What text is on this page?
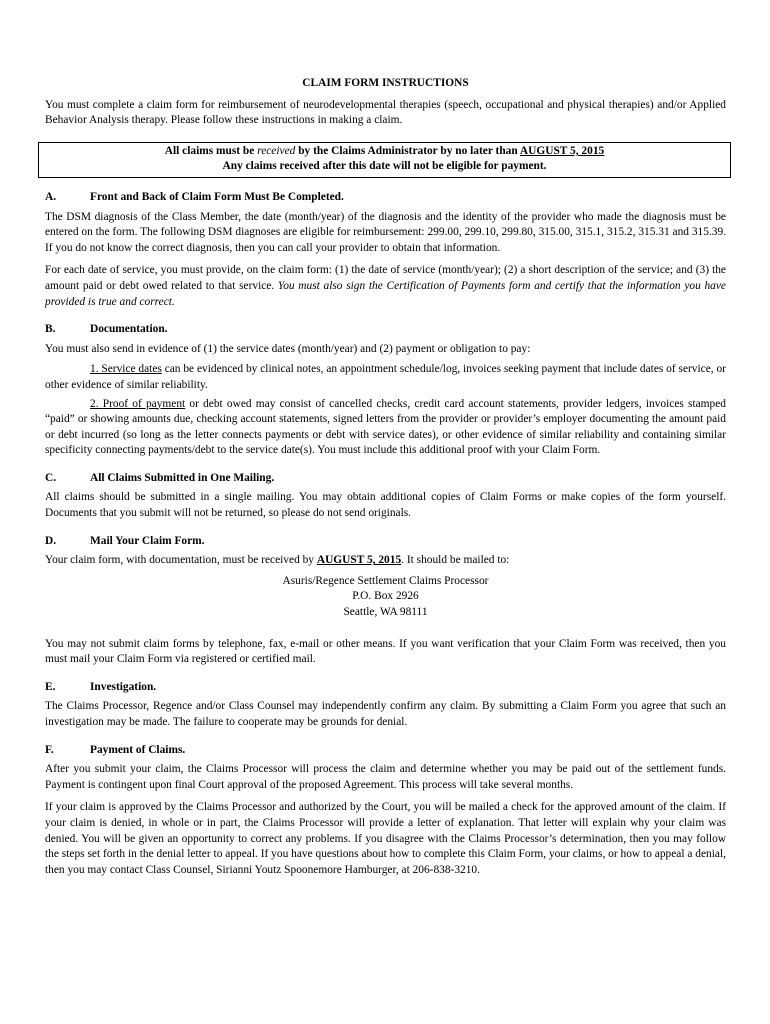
CLAIM FORM INSTRUCTIONS

You must complete a claim form for reimbursement of neurodevelopmental therapies (speech, occupational and physical therapies) and/or Applied Behavior Analysis therapy. Please follow these instructions in making a claim.

All claims must be received by the Claims Administrator by no later than AUGUST 5, 2015
Any claims received after this date will not be eligible for payment.
A.	Front and Back of Claim Form Must Be Completed.

The DSM diagnosis of the Class Member, the date (month/year) of the diagnosis and the identity of the provider who made the diagnosis must be entered on the form. The following DSM diagnoses are eligible for reimbursement: 299.00, 299.10, 299.80, 315.00, 315.1, 315.2, 315.31 and 315.39. If you do not know the correct diagnosis, then you can call your provider to obtain that information.

For each date of service, you must provide, on the claim form: (1) the date of service (month/year); (2) a short description of the service; and (3) the amount paid or debt owed related to that service. You must also sign the Certification of Payments form and certify that the information you have provided is true and correct.

B.	Documentation.

You must also send in evidence of (1) the service dates (month/year) and (2) payment or obligation to pay:

1. Service dates can be evidenced by clinical notes, an appointment schedule/log, invoices seeking payment that include dates of service, or other evidence of similar reliability.

2. Proof of payment or debt owed may consist of cancelled checks, credit card account statements, provider ledgers, invoices stamped “paid” or showing amounts due, checking account statements, signed letters from the provider or provider’s employer documenting the amount paid or debt incurred (so long as the letter connects payments or debt with service dates), or other evidence of similar reliability and containing similar specificity connecting payments/debt to the service date(s). You must include this additional proof with your Claim Form.

C.	All Claims Submitted in One Mailing.

All claims should be submitted in a single mailing. You may obtain additional copies of Claim Forms or make copies of the form yourself. Documents that you submit will not be returned, so please do not send originals.

D.	Mail Your Claim Form.

Your claim form, with documentation, must be received by AUGUST 5, 2015. It should be mailed to:

Asuris/Regence Settlement Claims Processor
P.O. Box 2926
Seattle, WA 98111

You may not submit claim forms by telephone, fax, e-mail or other means. If you want verification that your Claim Form was received, then you must mail your Claim Form via registered or certified mail.

E.	Investigation.

The Claims Processor, Regence and/or Class Counsel may independently confirm any claim. By submitting a Claim Form you agree that such an investigation may be made. The failure to cooperate may be grounds for denial.

F.	Payment of Claims.

After you submit your claim, the Claims Processor will process the claim and determine whether you may be paid out of the settlement funds. Payment is contingent upon final Court approval of the proposed Agreement. This process will take several months.

If your claim is approved by the Claims Processor and authorized by the Court, you will be mailed a check for the approved amount of the claim. If your claim is denied, in whole or in part, the Claims Processor will provide a letter of explanation. That letter will explain why your claim was denied. You will be given an opportunity to correct any problems. If you disagree with the Claims Processor’s determination, then you may follow the steps set forth in the denial letter to appeal. If you have questions about how to complete this Claim Form, your claims, or how to appeal a denial, then you may contact Class Counsel, Sirianni Youtz Spoonemore Hamburger, at 206-838-3210.
